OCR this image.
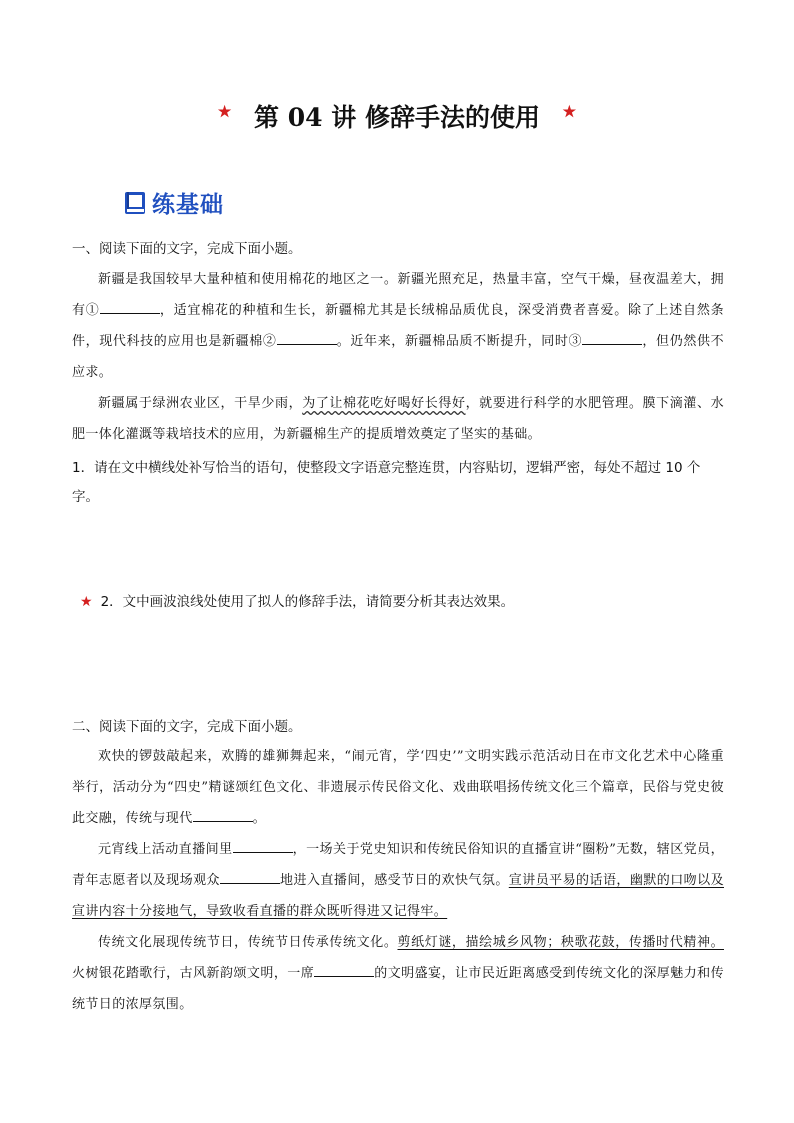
★ 第 04 讲 修辞手法的使用 ★
练基础
一、阅读下面的文字，完成下面小题。
新疆是我国较早大量种植和使用棉花的地区之一。新疆光照充足，热量丰富，空气干燥，昼夜温差大，拥有①	，适宜棉花的种植和生长，新疆棉尤其是长绒棉品质优良，深受消费者喜爱。除了上述自然条件，现代科技的应用也是新疆棉②	。近年来，新疆棉品质不断提升，同时③	，但仍然供不应求。
新疆属于绿洲农业区，干旱少雨，为了让棉花吃好喝好长得好，就要进行科学的水肥管理。膜下滴灌、水肥一体化灌溉等栽培技术的应用，为新疆棉生产的提质增效奠定了坚实的基础。
1．请在文中横线处补写恰当的语句，使整段文字语意完整连贯，内容贴切，逻辑严密，每处不超过 10 个字。
★ 2．文中画波浪线处使用了拟人的修辞手法，请简要分析其表达效果。
二、阅读下面的文字，完成下面小题。
欢快的锣鼓敲起来，欢腾的雄狮舞起来，“闹元宵，学‘四史’”文明实践示范活动日在市文化艺术中心隆重举行，活动分为“四史”精谜颂红色文化、非遗展示传民俗文化、戏曲联唱扬传统文化三个篇章，民俗与党史彼此交融，传统与现代	。
元宵线上活动直播间里	，一场关于党史知识和传统民俗知识的直播宣讲“圈粉”无数，辖区党员，青年志愿者以及现场观众	地进入直播间，感受节日的欢快气氛。宣讲员平易的话语，幽默的口吻以及宣讲内容十分接地气，导致收看直播的群众既听得进又记得牢。
传统文化展现传统节日，传统节日传承传统文化。剪纸灯谜，描绘城乡风物；秧歌花鼓，传播时代精神。火树银花踏歌行，古风新韵颂文明，一席	的文明盛宴，让市民近距离感受到传统文化的深厚魅力和传统节日的浓厚氛围。
